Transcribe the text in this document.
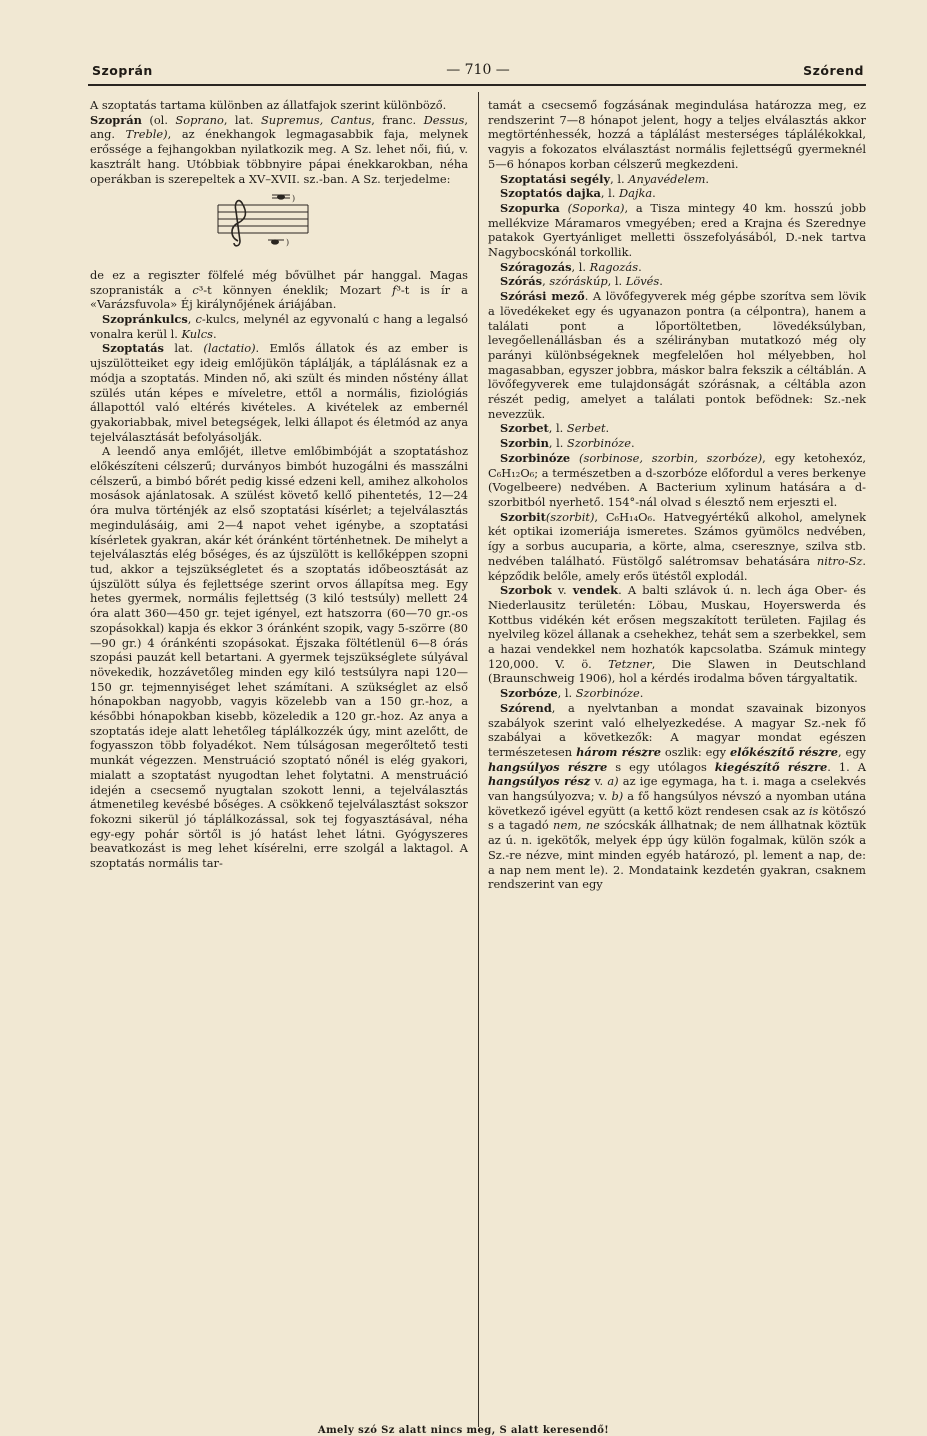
Szoprán	— 710 —	Szórend

A szoptatás tartama különben az állatfajok szerint különböző.

Szoprán (ol. Soprano, lat. Supremus, Cantus, franc. Dessus, ang. Treble), az énekhangok legmagasabbik faja, melynek erőssége a fejhangokban nyilatkozik meg. A Sz. lehet női, fiú, v. kasztrált hang. Utóbbiak többnyire pápai énekkarokban, néha operákban is szerepeltek a XV–XVII. sz.-ban. A Sz. terjedelme:

)
)

de ez a regiszter fölfelé még bővülhet pár hanggal. Magas szopranisták a c³-t könnyen éneklik; Mozart f³-t is ír a «Varázsfuvola» Éj királynőjének áriájában.

Szopránkulcs, c-kulcs, melynél az egyvonalú c hang a legalsó vonalra kerül l. Kulcs.

Szoptatás lat. (lactatio). Emlős állatok és az ember is ujszülötteiket egy ideig emlőjükön táplálják, a táplálásnak ez a módja a szoptatás. Minden nő, aki szült és minden nőstény állat szülés után képes e míveletre, ettől a normális, fiziológiás állapottól való eltérés kivételes. A kivételek az embernél gyakoriabbak, mivel betegségek, lelki állapot és életmód az anya tejelválasztását befolyásolják.

A leendő anya emlőjét, illetve emlőbimbóját a szoptatáshoz előkészíteni célszerű; durványos bimbót huzogálni és masszálni célszerű, a bimbó bőrét pedig kissé edzeni kell, amihez alkoholos mosások ajánlatosak. A szülést követő kellő pihentetés, 12—24 óra mulva történjék az első szoptatási kísérlet; a tejelválasztás megindulásáig, ami 2—4 napot vehet igénybe, a szoptatási kísérletek gyakran, akár két óránként történhetnek. De mihelyt a tejelválasztás elég bőséges, és az újszülött is kellőképpen szopni tud, akkor a tejszükségletet és a szoptatás időbeosztását az újszülött súlya és fejlettsége szerint orvos állapítsa meg. Egy hetes gyermek, normális fejlettség (3 kiló testsúly) mellett 24 óra alatt 360—450 gr. tejet igényel, ezt hatszorra (60—70 gr.-os szopásokkal) kapja és ekkor 3 óránként szopik, vagy 5-szörre (80—90 gr.) 4 óránkénti szopásokat. Éjszaka föltétlenül 6—8 órás szopási pauzát kell betartani. A gyermek tejszükséglete súlyával növekedik, hozzávetőleg minden egy kiló testsúlyra napi 120—150 gr. tejmennyiséget lehet számítani. A szükséglet az első hónapokban nagyobb, vagyis közelebb van a 150 gr.-hoz, a későbbi hónapokban kisebb, közeledik a 120 gr.-hoz. Az anya a szoptatás ideje alatt lehetőleg táplálkozzék úgy, mint azelőtt, de fogyasszon több folyadékot. Nem túlságosan megerőltető testi munkát végezzen. Menstruáció szoptató nőnél is elég gyakori, mialatt a szoptatást nyugodtan lehet folytatni. A menstruáció idején a csecsemő nyugtalan szokott lenni, a tejelválasztás átmenetileg kevésbé bőséges. A csökkenő tejelválasztást sokszor fokozni sikerül jó táplálkozással, sok tej fogyasztásával, néha egy-egy pohár sörtől is jó hatást lehet látni. Gyógyszeres beavatkozást is meg lehet kísérelni, erre szolgál a laktagol. A szoptatás normális tar-

tamát a csecsemő fogzásának megindulása határozza meg, ez rendszerint 7—8 hónapot jelent, hogy a teljes elválasztás akkor megtörténhessék, hozzá a táplálást mesterséges táplálékokkal, vagyis a fokozatos elválasztást normális fejlettségű gyermeknél 5—6 hónapos korban célszerű megkezdeni.

Szoptatási segély, l. Anyavédelem.

Szoptatós dajka, l. Dajka.

Szopurka (Soporka), a Tisza mintegy 40 km. hosszú jobb mellékvize Máramaros vmegyében; ered a Krajna és Szerednye patakok Gyertyánliget melletti összefolyásából, D.-nek tartva Nagybocskónál torkollik.

Szóragozás, l. Ragozás.

Szórás, szóráskúp, l. Lövés.

Szórási mező. A lövőfegyverek még gépbe szorítva sem lövik a lövedékeket egy és ugyanazon pontra (a célpontra), hanem a találati pont a lőportöltetben, lövedéksúlyban, levegőellenállásban és a szélirányban mutatkozó még oly parányi különbségeknek megfelelően hol mélyebben, hol magasabban, egyszer jobbra, máskor balra fekszik a céltáblán. A lövőfegyverek eme tulajdonságát szórásnak, a céltábla azon részét pedig, amelyet a találati pontok befödnek: Sz.-nek nevezzük.

Szorbet, l. Serbet.

Szorbin, l. Szorbinóze.

Szorbinóze (sorbinose, szorbin, szorbóze), egy ketohexóz, C₆H₁₂O₆; a természetben a d-szorbóze előfordul a veres berkenye (Vogelbeere) nedvében. A Bacterium xylinum hatására a d-szorbitból nyerhető. 154°-nál olvad s élesztő nem erjeszti el.

Szorbit(szorbit), C₆H₁₄O₆. Hatvegyértékű alkohol, amelynek két optikai izomeriája ismeretes. Számos gyümölcs nedvében, így a sorbus aucuparia, a körte, alma, cseresznye, szilva stb. nedvében található. Füstölgő salétromsav behatására nitro-Sz. képződik belőle, amely erős ütéstől explodál.

Szorbok v. vendek. A balti szlávok ú. n. lech ága Ober- és Niederlausitz területén: Löbau, Muskau, Hoyerswerda és Kottbus vidékén két erősen megszakított területen. Fajilag és nyelvileg közel állanak a csehekhez, tehát sem a szerbekkel, sem a hazai vendekkel nem hozhatók kapcsolatba. Számuk mintegy 120,000. V. ö. Tetzner, Die Slawen in Deutschland (Braunschweig 1906), hol a kérdés irodalma bőven tárgyaltatik.

Szorbóze, l. Szorbinóze.

Szórend, a nyelvtanban a mondat szavainak bizonyos szabályok szerint való elhelyezkedése. A magyar Sz.-nek fő szabályai a következők: A magyar mondat egészen természetesen három részre oszlik: egy előkészítő részre, egy hangsúlyos részre s egy utólagos kiegészítő részre. 1. A hangsúlyos rész v. a) az ige egymaga, ha t. i. maga a cselekvés van hangsúlyozva; v. b) a fő hangsúlyos névszó a nyomban utána következő igével együtt (a kettő közt rendesen csak az is kötőszó s a tagadó nem, ne szócskák állhatnak; de nem állhatnak köztük az ú. n. igekötők, melyek épp úgy külön fogalmak, külön szók a Sz.-re nézve, mint minden egyéb határozó, pl. lement a nap, de: a nap nem ment le). 2. Mondataink kezdetén gyakran, csaknem rendszerint van egy

Amely szó Sz alatt nincs meg, S alatt keresendő!
